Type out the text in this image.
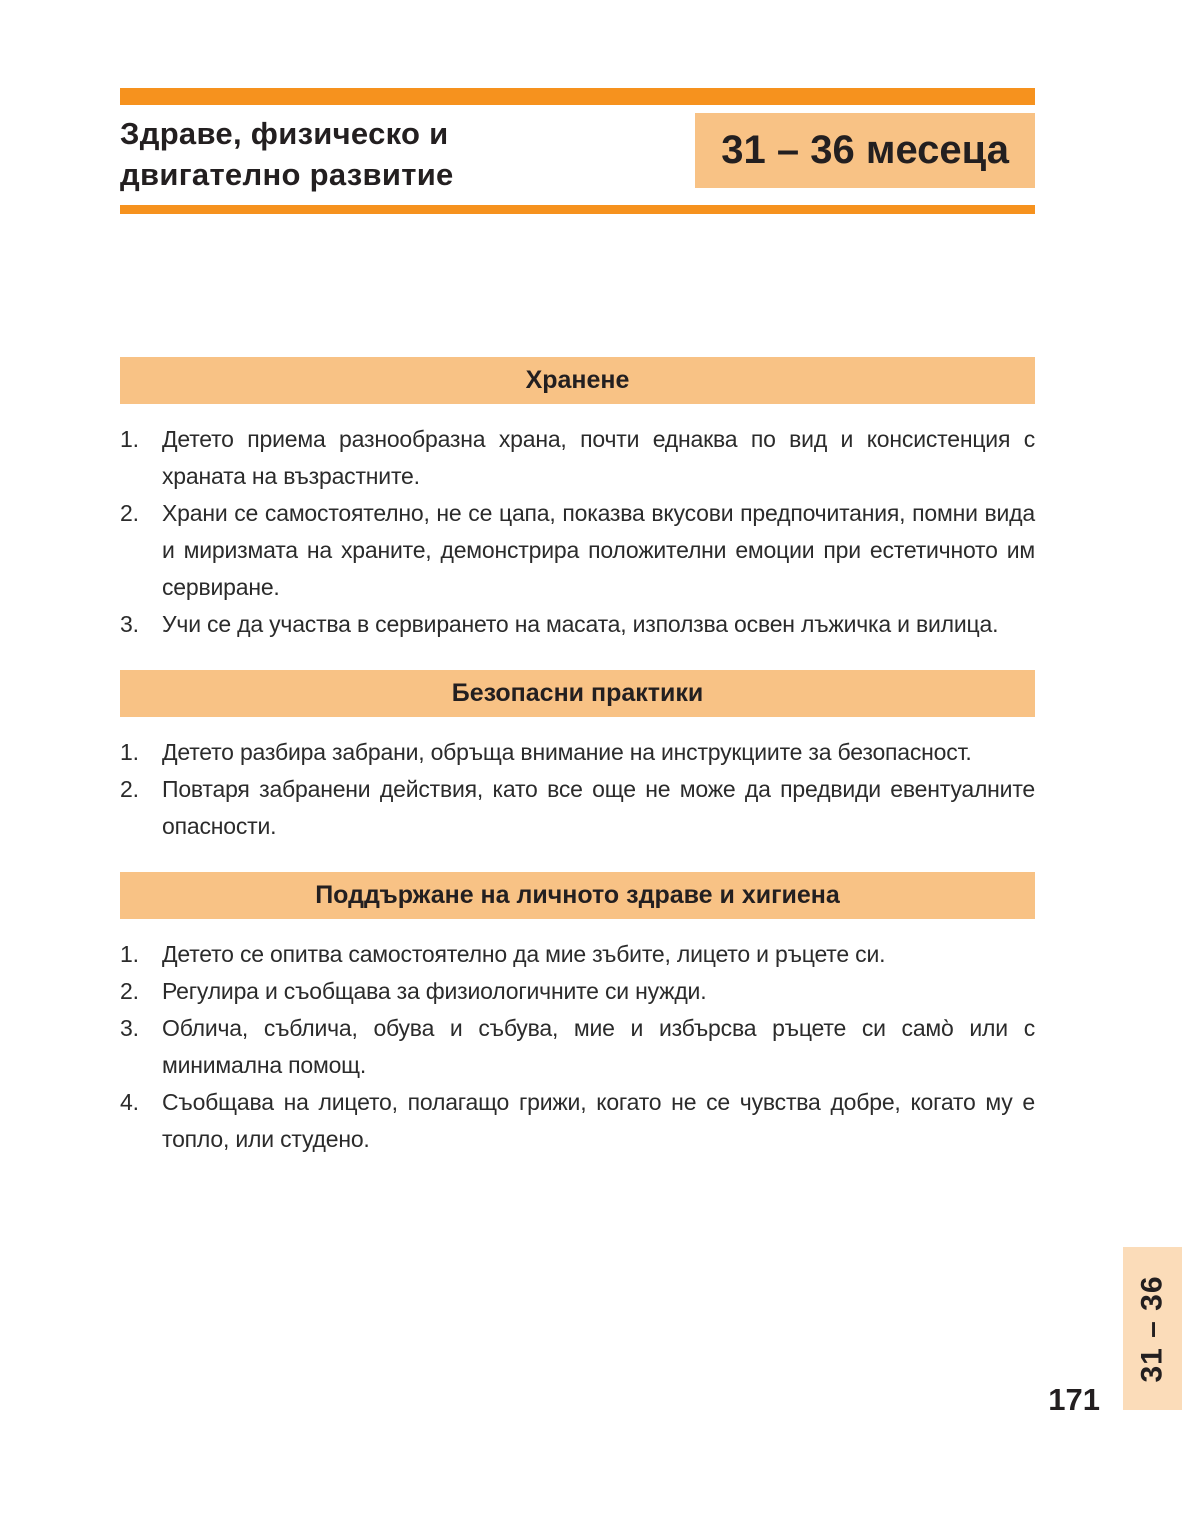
Здраве, физическо и
двигателно развитие
31 – 36 месеца
Хранене
1.	Детето приема разнообразна храна, почти еднаква по вид и консистенция с храната на възрастните.
2.	Храни се самостоятелно, не се цапа, показва вкусови предпочитания, помни вида и миризмата на храните, демонстрира положителни емоции при естетичното им сервиране.
3.	Учи се да участва в сервирането на масата, използва освен лъжичка и вилица.
Безопасни практики
1.	Детето разбира забрани, обръща внимание на инструкциите за безопасност.
2.	Повтаря забранени действия, като все още не може да предвиди евентуалните опасности.
Поддържане на личното здраве и хигиена
1.	Детето се опитва самостоятелно да мие зъбите, лицето и ръцете си.
2.	Регулира и съобщава за физиологичните си нужди.
3.	Облича, съблича, обува и събува, мие и избърсва ръцете си само̀ или с минимална помощ.
4.	Съобщава на лицето, полагащо грижи, когато не се чувства добре, когато му е топло, или студено.
31 – 36
171
